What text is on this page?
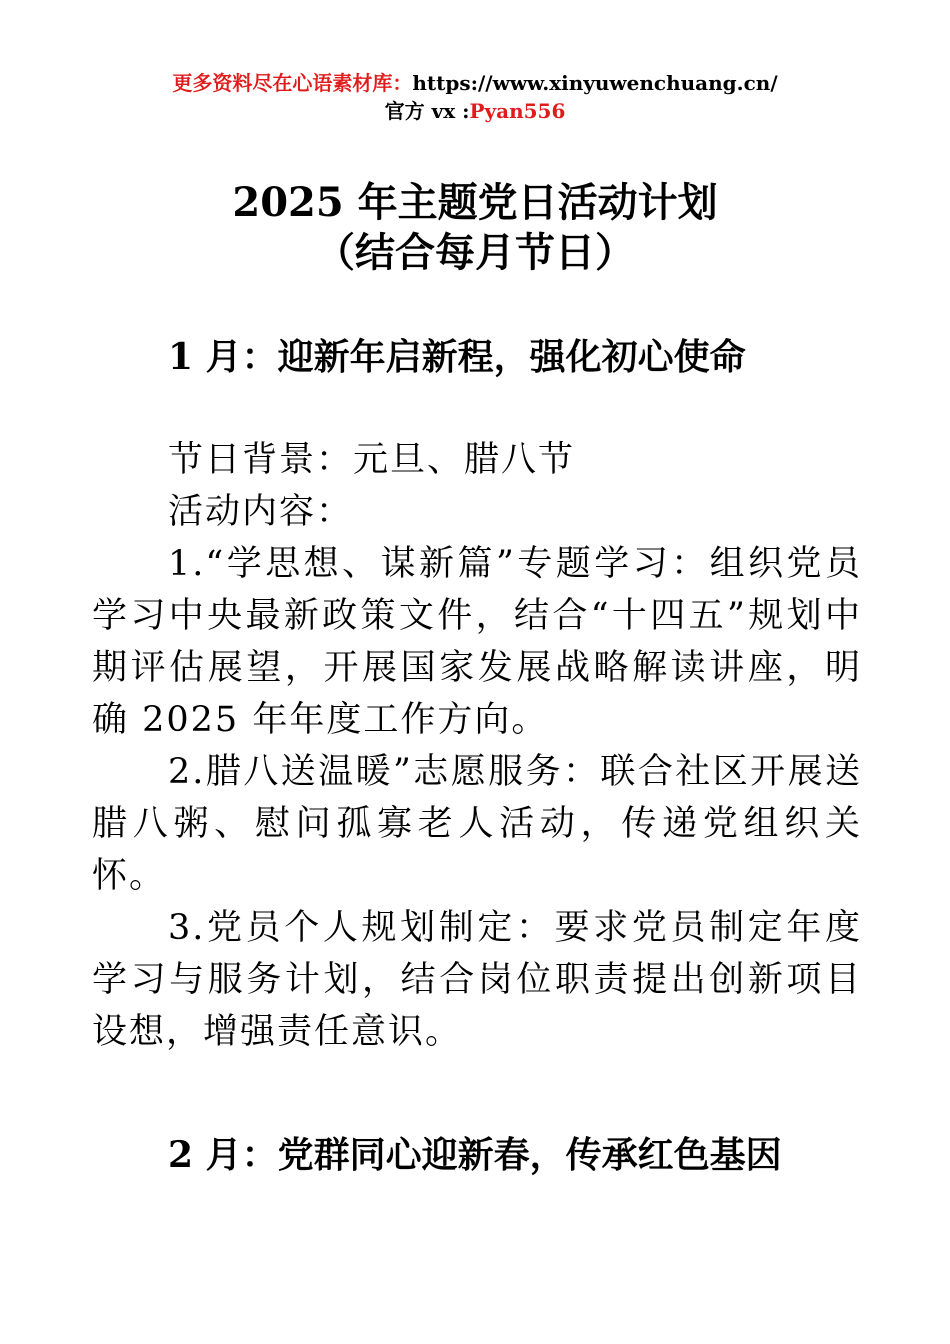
更多资料尽在心语素材库：https://www.xinyuwenchuang.cn/
官方 vx :Pyan556
2025 年主题党日活动计划
（结合每月节日）
1 月：迎新年启新程，强化初心使命

节日背景：元旦、腊八节

活动内容：

1.“学思想、谋新篇”专题学习：组织党员学习中央最新政策文件，结合“十四五”规划中期评估展望，开展国家发展战略解读讲座，明确 2025 年年度工作方向。

2.腊八送温暖”志愿服务：联合社区开展送腊八粥、慰问孤寡老人活动，传递党组织关怀。

3.党员个人规划制定：要求党员制定年度学习与服务计划，结合岗位职责提出创新项目设想，增强责任意识。

2 月：党群同心迎新春，传承红色基因
